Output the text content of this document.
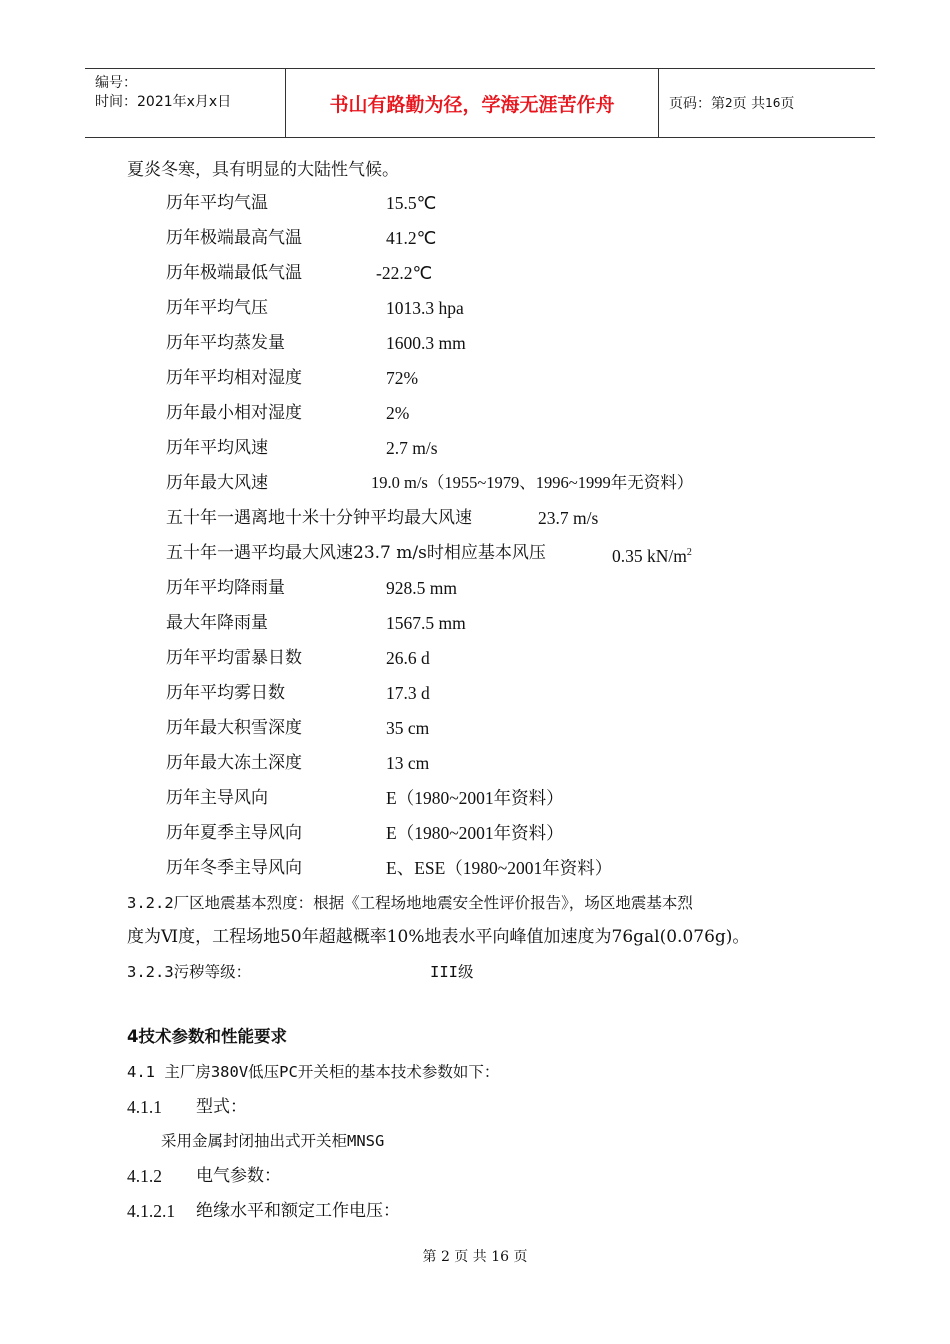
编号：
时间：2021年x月x日	书山有路勤为径，学海无涯苦作舟	页码：第 2 页 共 16 页
夏炎冬寒，具有明显的大陆性气候。
历年平均气温	15.5℃
历年极端最高气温	41.2℃
历年极端最低气温	-22.2℃
历年平均气压	1013.3 hpa
历年平均蒸发量	1600.3 mm
历年平均相对湿度	72%
历年最小相对湿度	2%
历年平均风速	2.7 m/s
历年最大风速	19.0 m/s（1955~1979、1996~1999年无资料）
五十年一遇离地十米十分钟平均最大风速	23.7 m/s
五十年一遇平均最大风速23.7 m/s时相应基本风压	0.35 $kN/m^2$
历年平均降雨量	928.5 mm
最大年降雨量	1567.5 mm
历年平均雷暴日数	26.6 d
历年平均雾日数	17.3 d
历年最大积雪深度	35 cm
历年最大冻土深度	13 cm
历年主导风向	E（1980~2001年资料）
历年夏季主导风向	E（1980~2001年资料）
历年冬季主导风向	E、ESE（1980~2001年资料）
3.2.2厂区地震基本烈度：根据《工程场地地震安全性评价报告》，场区地震基本烈
度为Ⅵ度，工程场地50年超越概率10%地表水平向峰值加速度为76gal(0.076g)。
3.2.3污秽等级：	III级
4技术参数和性能要求
4.1 主厂房380V低压PC开关柜的基本技术参数如下：
4.1.1 型式：
采用金属封闭抽出式开关柜MNSG
4.1.2 电气参数：
4.1.2.1 绝缘水平和额定工作电压：
第 2 页 共 16 页
